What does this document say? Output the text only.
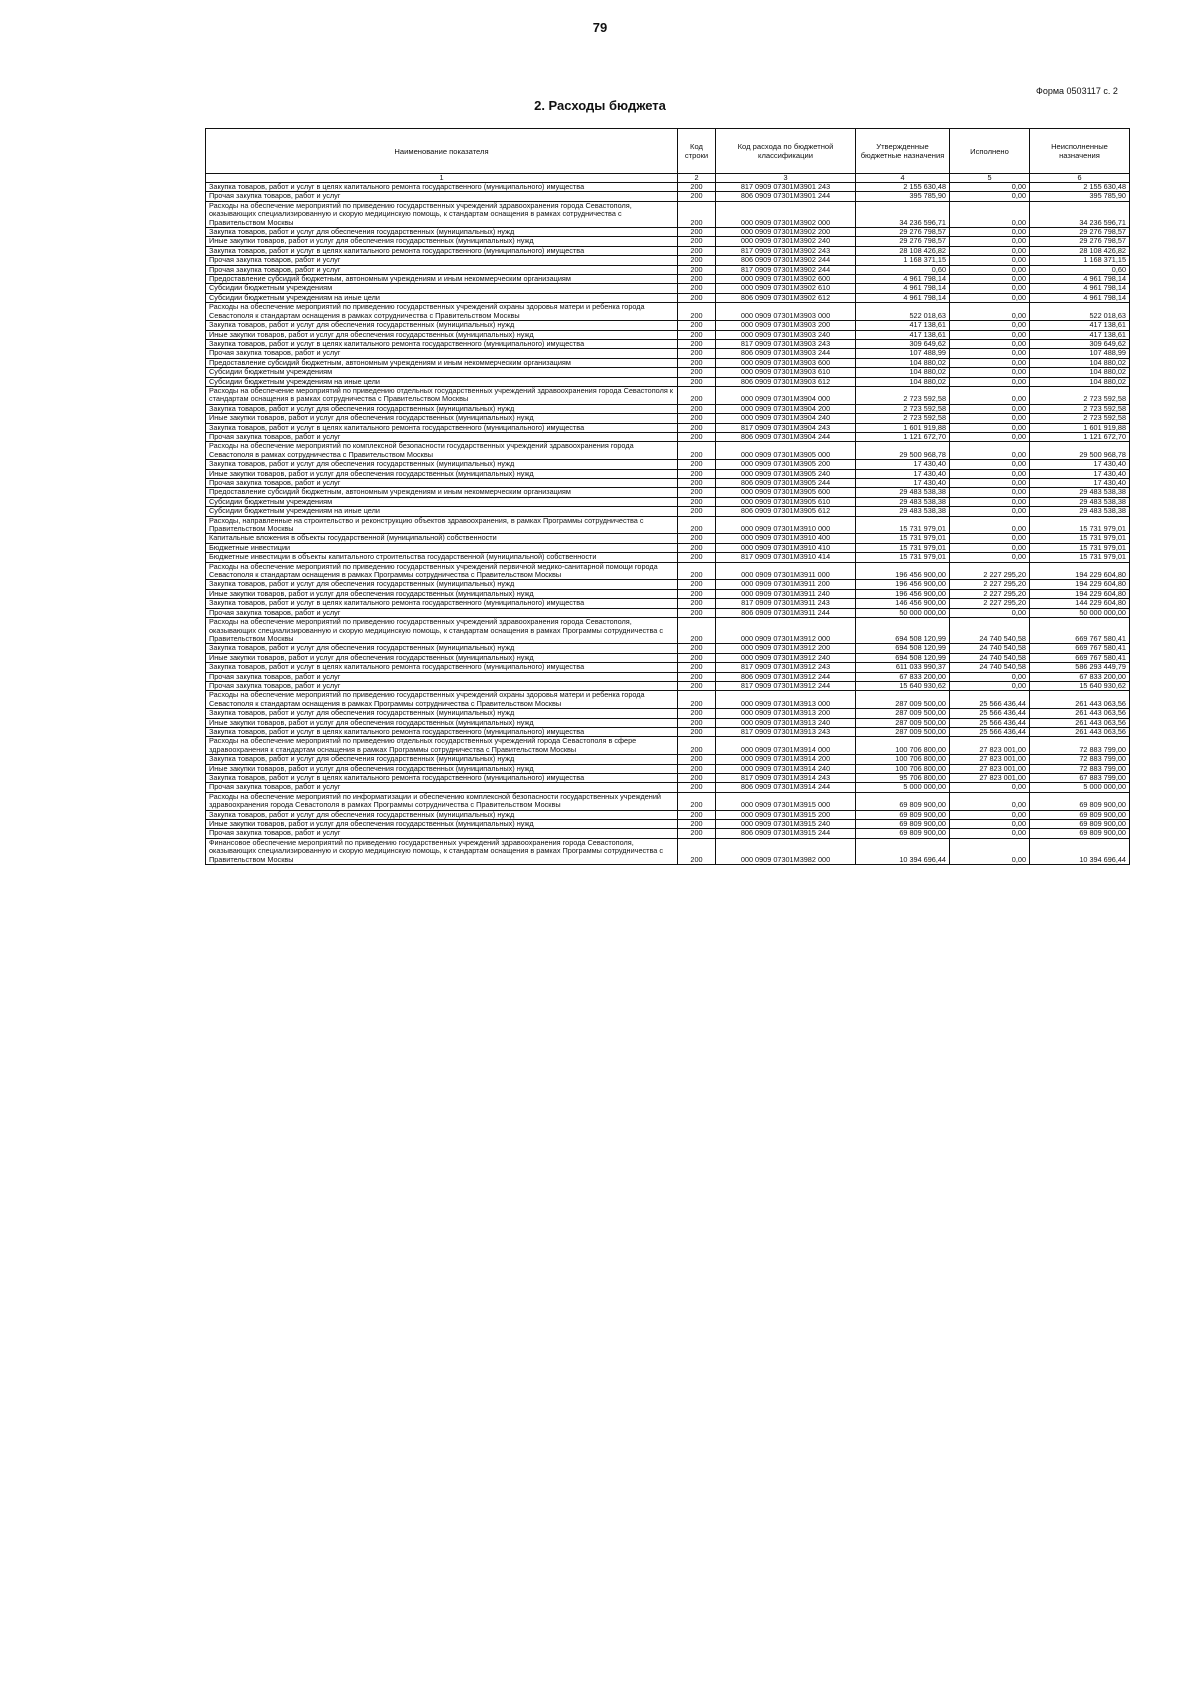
79
Форма 0503117 с. 2
2. Расходы бюджета
Наименование показателя	Код строки	Код расхода по бюджетной классификации	Утвержденные бюджетные назначения	Исполнено	Неисполненные назначения
1	2	3	4	5	6
Закупка товаров, работ и услуг в целях капитального ремонта государственного (муниципального) имущества	200	817 0909 07301М3901 243	2 155 630,48	0,00	2 155 630,48
Прочая закупка товаров, работ и услуг	200	806 0909 07301М3901 244	395 785,90	0,00	395 785,90
Расходы на обеспечение мероприятий по приведению государственных учреждений здравоохранения города Севастополя, оказывающих специализированную и скорую медицинскую помощь, к стандартам оснащения в рамках сотрудничества с Правительством Москвы	200	000 0909 07301М3902 000	34 236 596,71	0,00	34 236 596,71
Закупка товаров, работ и услуг для обеспечения государственных (муниципальных) нужд	200	000 0909 07301М3902 200	29 276 798,57	0,00	29 276 798,57
Иные закупки товаров, работ и услуг для обеспечения государственных (муниципальных) нужд	200	000 0909 07301М3902 240	29 276 798,57	0,00	29 276 798,57
Закупка товаров, работ и услуг в целях капитального ремонта государственного (муниципального) имущества	200	817 0909 07301М3902 243	28 108 426,82	0,00	28 108 426,82
Прочая закупка товаров, работ и услуг	200	806 0909 07301М3902 244	1 168 371,15	0,00	1 168 371,15
Прочая закупка товаров, работ и услуг	200	817 0909 07301М3902 244	0,60	0,00	0,60
Предоставление субсидий бюджетным, автономным учреждениям и иным некоммерческим организациям	200	000 0909 07301М3902 600	4 961 798,14	0,00	4 961 798,14
Субсидии бюджетным учреждениям	200	000 0909 07301М3902 610	4 961 798,14	0,00	4 961 798,14
Субсидии бюджетным учреждениям на иные цели	200	806 0909 07301М3902 612	4 961 798,14	0,00	4 961 798,14
Расходы на обеспечение мероприятий по приведению государственных учреждений охраны здоровья матери и ребенка города Севастополя к стандартам оснащения в рамках сотрудничества с Правительством Москвы	200	000 0909 07301М3903 000	522 018,63	0,00	522 018,63
Закупка товаров, работ и услуг для обеспечения государственных (муниципальных) нужд	200	000 0909 07301М3903 200	417 138,61	0,00	417 138,61
Иные закупки товаров, работ и услуг для обеспечения государственных (муниципальных) нужд	200	000 0909 07301М3903 240	417 138,61	0,00	417 138,61
Закупка товаров, работ и услуг в целях капитального ремонта государственного (муниципального) имущества	200	817 0909 07301М3903 243	309 649,62	0,00	309 649,62
Прочая закупка товаров, работ и услуг	200	806 0909 07301М3903 244	107 488,99	0,00	107 488,99
Предоставление субсидий бюджетным, автономным учреждениям и иным некоммерческим организациям	200	000 0909 07301М3903 600	104 880,02	0,00	104 880,02
Субсидии бюджетным учреждениям	200	000 0909 07301М3903 610	104 880,02	0,00	104 880,02
Субсидии бюджетным учреждениям на иные цели	200	806 0909 07301М3903 612	104 880,02	0,00	104 880,02
Расходы на обеспечение мероприятий по приведению отдельных государственных учреждений здравоохранения города Севастополя к стандартам оснащения в рамках сотрудничества с Правительством Москвы	200	000 0909 07301М3904 000	2 723 592,58	0,00	2 723 592,58
Закупка товаров, работ и услуг для обеспечения государственных (муниципальных) нужд	200	000 0909 07301М3904 200	2 723 592,58	0,00	2 723 592,58
Иные закупки товаров, работ и услуг для обеспечения государственных (муниципальных) нужд	200	000 0909 07301М3904 240	2 723 592,58	0,00	2 723 592,58
Закупка товаров, работ и услуг в целях капитального ремонта государственного (муниципального) имущества	200	817 0909 07301М3904 243	1 601 919,88	0,00	1 601 919,88
Прочая закупка товаров, работ и услуг	200	806 0909 07301М3904 244	1 121 672,70	0,00	1 121 672,70
Расходы на обеспечение мероприятий по комплексной безопасности государственных учреждений здравоохранения города Севастополя в рамках сотрудничества с Правительством Москвы	200	000 0909 07301М3905 000	29 500 968,78	0,00	29 500 968,78
Закупка товаров, работ и услуг для обеспечения государственных (муниципальных) нужд	200	000 0909 07301М3905 200	17 430,40	0,00	17 430,40
Иные закупки товаров, работ и услуг для обеспечения государственных (муниципальных) нужд	200	000 0909 07301М3905 240	17 430,40	0,00	17 430,40
Прочая закупка товаров, работ и услуг	200	806 0909 07301М3905 244	17 430,40	0,00	17 430,40
Предоставление субсидий бюджетным, автономным учреждениям и иным некоммерческим организациям	200	000 0909 07301М3905 600	29 483 538,38	0,00	29 483 538,38
Субсидии бюджетным учреждениям	200	000 0909 07301М3905 610	29 483 538,38	0,00	29 483 538,38
Субсидии бюджетным учреждениям на иные цели	200	806 0909 07301М3905 612	29 483 538,38	0,00	29 483 538,38
Расходы, направленные на строительство и реконструкцию объектов здравоохранения, в рамках Программы сотрудничества с Правительством Москвы	200	000 0909 07301М3910 000	15 731 979,01	0,00	15 731 979,01
Капитальные вложения в объекты государственной (муниципальной) собственности	200	000 0909 07301М3910 400	15 731 979,01	0,00	15 731 979,01
Бюджетные инвестиции	200	000 0909 07301М3910 410	15 731 979,01	0,00	15 731 979,01
Бюджетные инвестиции в объекты капитального строительства государственной (муниципальной) собственности	200	817 0909 07301М3910 414	15 731 979,01	0,00	15 731 979,01
Расходы на обеспечение мероприятий по приведению государственных учреждений первичной медико-санитарной помощи города Севастополя к стандартам оснащения в рамках Программы сотрудничества с Правительством Москвы	200	000 0909 07301М3911 000	196 456 900,00	2 227 295,20	194 229 604,80
Закупка товаров, работ и услуг для обеспечения государственных (муниципальных) нужд	200	000 0909 07301М3911 200	196 456 900,00	2 227 295,20	194 229 604,80
Иные закупки товаров, работ и услуг для обеспечения государственных (муниципальных) нужд	200	000 0909 07301М3911 240	196 456 900,00	2 227 295,20	194 229 604,80
Закупка товаров, работ и услуг в целях капитального ремонта государственного (муниципального) имущества	200	817 0909 07301М3911 243	146 456 900,00	2 227 295,20	144 229 604,80
Прочая закупка товаров, работ и услуг	200	806 0909 07301М3911 244	50 000 000,00	0,00	50 000 000,00
Расходы на обеспечение мероприятий по приведению государственных учреждений здравоохранения города Севастополя, оказывающих специализированную и скорую медицинскую помощь, к стандартам оснащения в рамках Программы сотрудничества с Правительством Москвы	200	000 0909 07301М3912 000	694 508 120,99	24 740 540,58	669 767 580,41
Закупка товаров, работ и услуг для обеспечения государственных (муниципальных) нужд	200	000 0909 07301М3912 200	694 508 120,99	24 740 540,58	669 767 580,41
Иные закупки товаров, работ и услуг для обеспечения государственных (муниципальных) нужд	200	000 0909 07301М3912 240	694 508 120,99	24 740 540,58	669 767 580,41
Закупка товаров, работ и услуг в целях капитального ремонта государственного (муниципального) имущества	200	817 0909 07301М3912 243	611 033 990,37	24 740 540,58	586 293 449,79
Прочая закупка товаров, работ и услуг	200	806 0909 07301М3912 244	67 833 200,00	0,00	67 833 200,00
Прочая закупка товаров, работ и услуг	200	817 0909 07301М3912 244	15 640 930,62	0,00	15 640 930,62
Расходы на обеспечение мероприятий по приведению государственных учреждений охраны здоровья матери и ребенка города Севастополя к стандартам оснащения в рамках Программы сотрудничества с Правительством Москвы	200	000 0909 07301М3913 000	287 009 500,00	25 566 436,44	261 443 063,56
Закупка товаров, работ и услуг для обеспечения государственных (муниципальных) нужд	200	000 0909 07301М3913 200	287 009 500,00	25 566 436,44	261 443 063,56
Иные закупки товаров, работ и услуг для обеспечения государственных (муниципальных) нужд	200	000 0909 07301М3913 240	287 009 500,00	25 566 436,44	261 443 063,56
Закупка товаров, работ и услуг в целях капитального ремонта государственного (муниципального) имущества	200	817 0909 07301М3913 243	287 009 500,00	25 566 436,44	261 443 063,56
Расходы на обеспечение мероприятий по приведению отдельных государственных учреждений города Севастополя в сфере здравоохранения к стандартам оснащения в рамках Программы сотрудничества с Правительством Москвы	200	000 0909 07301М3914 000	100 706 800,00	27 823 001,00	72 883 799,00
Закупка товаров, работ и услуг для обеспечения государственных (муниципальных) нужд	200	000 0909 07301М3914 200	100 706 800,00	27 823 001,00	72 883 799,00
Иные закупки товаров, работ и услуг для обеспечения государственных (муниципальных) нужд	200	000 0909 07301М3914 240	100 706 800,00	27 823 001,00	72 883 799,00
Закупка товаров, работ и услуг в целях капитального ремонта государственного (муниципального) имущества	200	817 0909 07301М3914 243	95 706 800,00	27 823 001,00	67 883 799,00
Прочая закупка товаров, работ и услуг	200	806 0909 07301М3914 244	5 000 000,00	0,00	5 000 000,00
Расходы на обеспечение мероприятий по информатизации и обеспечению комплексной безопасности государственных учреждений здравоохранения города Севастополя в рамках Программы сотрудничества с Правительством Москвы	200	000 0909 07301М3915 000	69 809 900,00	0,00	69 809 900,00
Закупка товаров, работ и услуг для обеспечения государственных (муниципальных) нужд	200	000 0909 07301М3915 200	69 809 900,00	0,00	69 809 900,00
Иные закупки товаров, работ и услуг для обеспечения государственных (муниципальных) нужд	200	000 0909 07301М3915 240	69 809 900,00	0,00	69 809 900,00
Прочая закупка товаров, работ и услуг	200	806 0909 07301М3915 244	69 809 900,00	0,00	69 809 900,00
Финансовое обеспечение мероприятий по приведению государственных учреждений здравоохранения города Севастополя, оказывающих специализированную и скорую медицинскую помощь, к стандартам оснащения в рамках Программы сотрудничества с Правительством Москвы	200	000 0909 07301М3982 000	10 394 696,44	0,00	10 394 696,44
